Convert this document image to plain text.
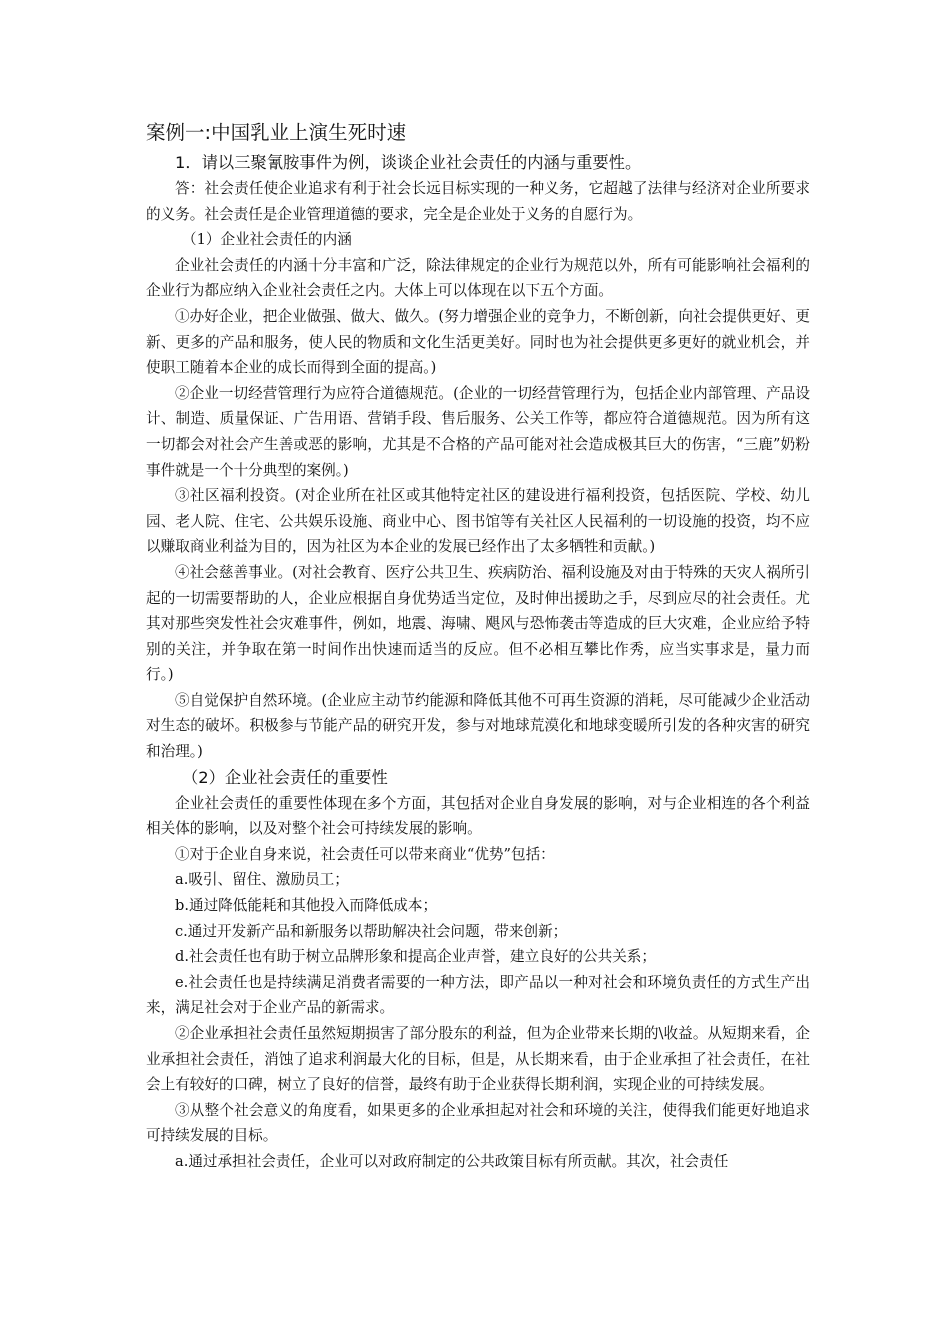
案例一:中国乳业上演生死时速

1．请以三聚氰胺事件为例，谈谈企业社会责任的内涵与重要性。

答：社会责任使企业追求有利于社会长远目标实现的一种义务，它超越了法律与经济对企业所要求的义务。社会责任是企业管理道德的要求，完全是企业处于义务的自愿行为。

（1）企业社会责任的内涵

企业社会责任的内涵十分丰富和广泛，除法律规定的企业行为规范以外，所有可能影响社会福利的企业行为都应纳入企业社会责任之内。大体上可以体现在以下五个方面。

①办好企业，把企业做强、做大、做久。(努力增强企业的竞争力，不断创新，向社会提供更好、更新、更多的产品和服务，使人民的物质和文化生活更美好。同时也为社会提供更多更好的就业机会，并使职工随着本企业的成长而得到全面的提高。)

②企业一切经营管理行为应符合道德规范。(企业的一切经营管理行为，包括企业内部管理、产品设计、制造、质量保证、广告用语、营销手段、售后服务、公关工作等，都应符合道德规范。因为所有这一切都会对社会产生善或恶的影响，尤其是不合格的产品可能对社会造成极其巨大的伤害，“三鹿”奶粉事件就是一个十分典型的案例。)

③社区福利投资。(对企业所在社区或其他特定社区的建设进行福利投资，包括医院、学校、幼儿园、老人院、住宅、公共娱乐设施、商业中心、图书馆等有关社区人民福利的一切设施的投资，均不应以赚取商业利益为目的，因为社区为本企业的发展已经作出了太多牺牲和贡献。)

④社会慈善事业。(对社会教育、医疗公共卫生、疾病防治、福利设施及对由于特殊的天灾人祸所引起的一切需要帮助的人，企业应根据自身优势适当定位，及时伸出援助之手，尽到应尽的社会责任。尤其对那些突发性社会灾难事件，例如，地震、海啸、飓风与恐怖袭击等造成的巨大灾难，企业应给予特别的关注，并争取在第一时间作出快速而适当的反应。但不必相互攀比作秀，应当实事求是，量力而行。)

⑤自觉保护自然环境。(企业应主动节约能源和降低其他不可再生资源的消耗，尽可能减少企业活动对生态的破坏。积极参与节能产品的研究开发，参与对地球荒漠化和地球变暖所引发的各种灾害的研究和治理。)

（2）企业社会责任的重要性

企业社会责任的重要性体现在多个方面，其包括对企业自身发展的影响，对与企业相连的各个利益相关体的影响，以及对整个社会可持续发展的影响。

①对于企业自身来说，社会责任可以带来商业“优势”包括：

a.吸引、留住、激励员工；

b.通过降低能耗和其他投入而降低成本；

c.通过开发新产品和新服务以帮助解决社会问题，带来创新；

d.社会责任也有助于树立品牌形象和提高企业声誉，建立良好的公共关系；

e.社会责任也是持续满足消费者需要的一种方法，即产品以一种对社会和环境负责任的方式生产出来，满足社会对于企业产品的新需求。

②企业承担社会责任虽然短期损害了部分股东的利益，但为企业带来长期的\收益。从短期来看，企业承担社会责任，消蚀了追求利润最大化的目标，但是，从长期来看，由于企业承担了社会责任，在社会上有较好的口碑，树立了良好的信誉，最终有助于企业获得长期利润，实现企业的可持续发展。

③从整个社会意义的角度看，如果更多的企业承担起对社会和环境的关注，使得我们能更好地追求可持续发展的目标。

a.通过承担社会责任，企业可以对政府制定的公共政策目标有所贡献。其次，社会责任
